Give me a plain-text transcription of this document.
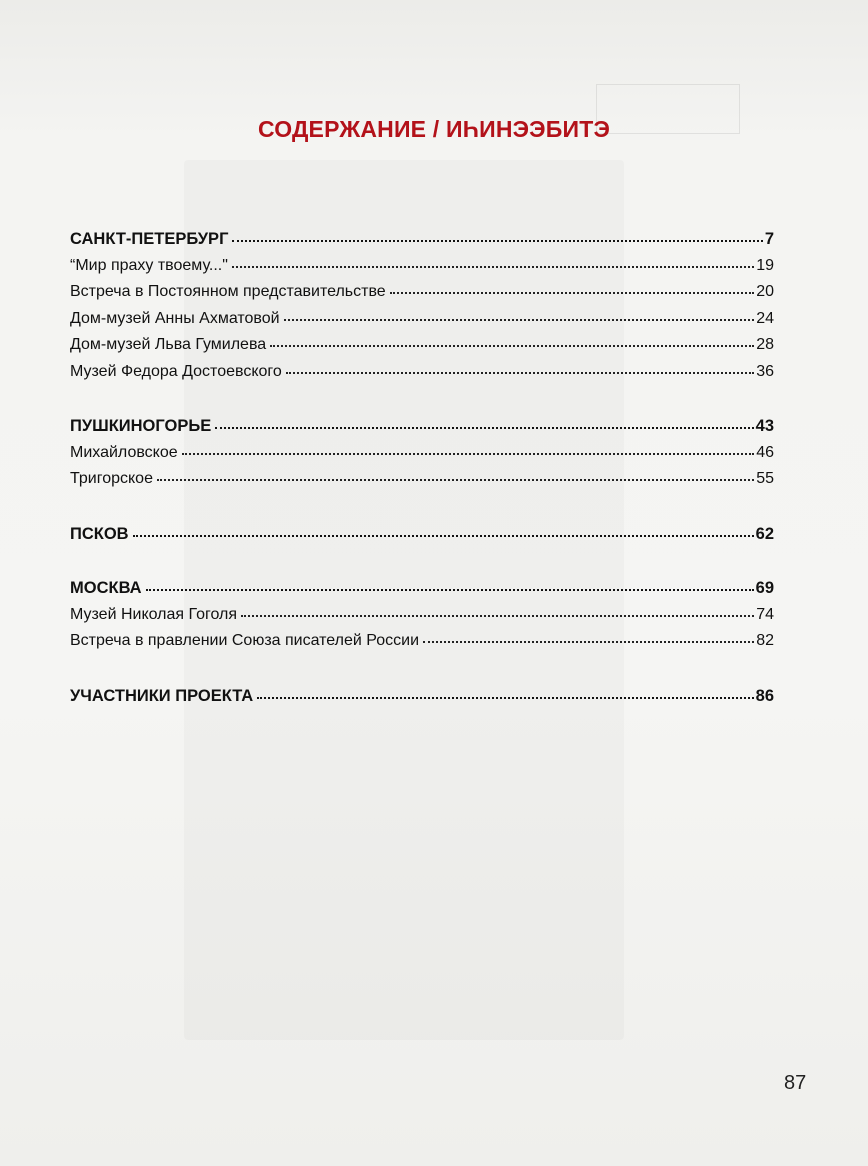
СОДЕРЖАНИЕ / ИҺИНЭЭБИТЭ
САНКТ-ПЕТЕРБУРГ	7
“Мир праху твоему..."	19
Встреча в Постоянном представительстве	20
Дом-музей Анны Ахматовой	24
Дом-музей Льва Гумилева	28
Музей Федора Достоевского	36
ПУШКИНОГОРЬЕ	43
Михайловское	46
Тригорское	55
ПСКОВ	62
МОСКВА	69
Музей Николая Гоголя	74
Встреча в правлении Союза писателей России	82
УЧАСТНИКИ ПРОЕКТА	86
87
